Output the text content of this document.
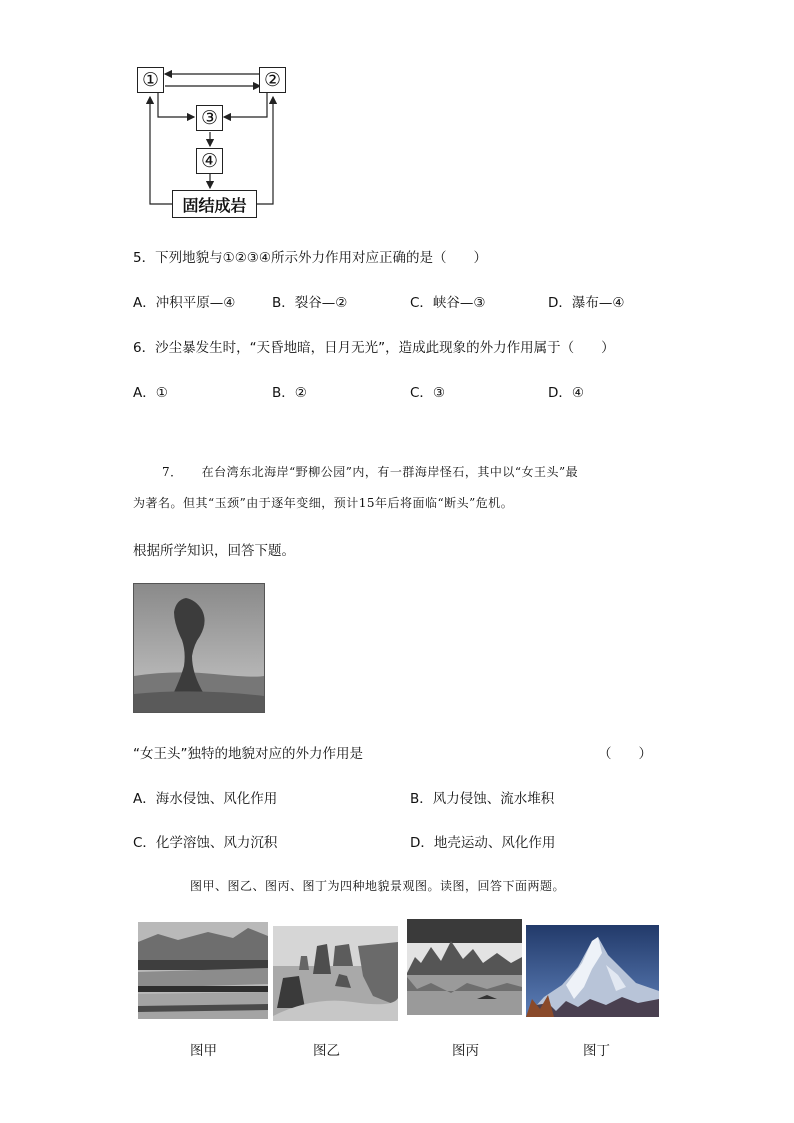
①	②
③
④
固结成岩
5．下列地貌与①②③④所示外力作用对应正确的是（　　）
A．冲积平原—④	B．裂谷—②	C．峡谷—③	D．瀑布—④
6．沙尘暴发生时，“天昏地暗，日月无光”，造成此现象的外力作用属于（　　）
A．①	B．②	C．③	D．④
7．　　在台湾东北海岸“野柳公园”内，有一群海岸怪石，其中以“女王头”最
为著名。但其“玉颈”由于逐年变细，预计15年后将面临“断头”危机。
根据所学知识，回答下题。
“女王头”独特的地貌对应的外力作用是	（　　）
A．海水侵蚀、风化作用	B．风力侵蚀、流水堆积
C．化学溶蚀、风力沉积	D．地壳运动、风化作用
图甲、图乙、图丙、图丁为四种地貌景观图。读图，回答下面两题。
图甲	图乙	图丙	图丁
